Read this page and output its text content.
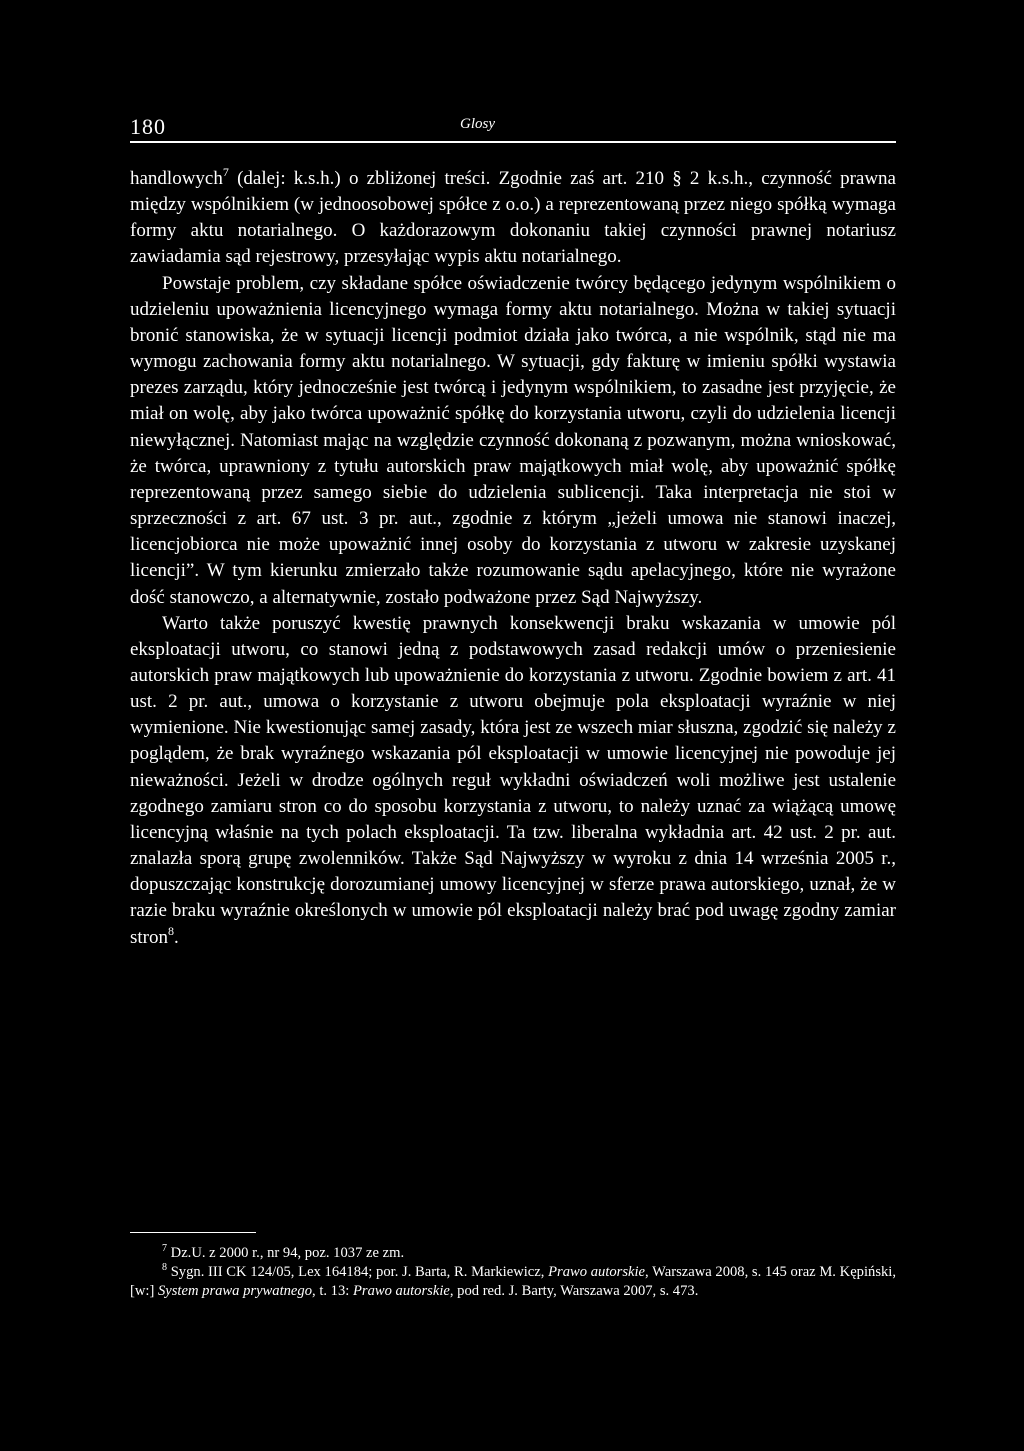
180	Glosy

handlowych$^7$ (dalej: k.s.h.) o zbliżonej treści. Zgodnie zaś art. 210 § 2 k.s.h., czynność prawna między wspólnikiem (w jednoosobowej spółce z o.o.) a reprezentowaną przez niego spółką wymaga formy aktu notarialnego. O każdorazowym dokonaniu takiej czynności prawnej notariusz zawiadamia sąd rejestrowy, przesyłając wypis aktu notarialnego.

Powstaje problem, czy składane spółce oświadczenie twórcy będącego jedynym wspólnikiem o udzieleniu upoważnienia licencyjnego wymaga formy aktu notarialnego. Można w takiej sytuacji bronić stanowiska, że w sytuacji licencji podmiot działa jako twórca, a nie wspólnik, stąd nie ma wymogu zachowania formy aktu notarialnego. W sytuacji, gdy fakturę w imieniu spółki wystawia prezes zarządu, który jednocześnie jest twórcą i jedynym wspólnikiem, to zasadne jest przyjęcie, że miał on wolę, aby jako twórca upoważnić spółkę do korzystania utworu, czyli do udzielenia licencji niewyłącznej. Natomiast mając na względzie czynność dokonaną z pozwanym, można wnioskować, że twórca, uprawniony z tytułu autorskich praw majątkowych miał wolę, aby upoważnić spółkę reprezentowaną przez samego siebie do udzielenia sublicencji. Taka interpretacja nie stoi w sprzeczności z art. 67 ust. 3 pr. aut., zgodnie z którym „jeżeli umowa nie stanowi inaczej, licencjobiorca nie może upoważnić innej osoby do korzystania z utworu w zakresie uzyskanej licencji”. W tym kierunku zmierzało także rozumowanie sądu apelacyjnego, które nie wyrażone dość stanowczo, a alternatywnie, zostało podważone przez Sąd Najwyższy.

Warto także poruszyć kwestię prawnych konsekwencji braku wskazania w umowie pól eksploatacji utworu, co stanowi jedną z podstawowych zasad redakcji umów o przeniesienie autorskich praw majątkowych lub upoważnienie do korzystania z utworu. Zgodnie bowiem z art. 41 ust. 2 pr. aut., umowa o korzystanie z utworu obejmuje pola eksploatacji wyraźnie w niej wymienione. Nie kwestionując samej zasady, która jest ze wszech miar słuszna, zgodzić się należy z poglądem, że brak wyraźnego wskazania pól eksploatacji w umowie licencyjnej nie powoduje jej nieważności. Jeżeli w drodze ogólnych reguł wykładni oświadczeń woli możliwe jest ustalenie zgodnego zamiaru stron co do sposobu korzystania z utworu, to należy uznać za wiążącą umowę licencyjną właśnie na tych polach eksploatacji. Ta tzw. liberalna wykładnia art. 42 ust. 2 pr. aut. znalazła sporą grupę zwolenników. Także Sąd Najwyższy w wyroku z dnia 14 września 2005 r., dopuszczając konstrukcję dorozumianej umowy licencyjnej w sferze prawa autorskiego, uznał, że w razie braku wyraźnie określonych w umowie pól eksploatacji należy brać pod uwagę zgodny zamiar stron$^8$.

$^7$ Dz.U. z 2000 r., nr 94, poz. 1037 ze zm.

$^8$ Sygn. III CK 124/05, Lex 164184; por. J. Barta, R. Markiewicz, Prawo autorskie, Warszawa 2008, s. 145 oraz M. Kępiński, [w:] System prawa prywatnego, t. 13: Prawo autorskie, pod red. J. Barty, Warszawa 2007, s. 473.
